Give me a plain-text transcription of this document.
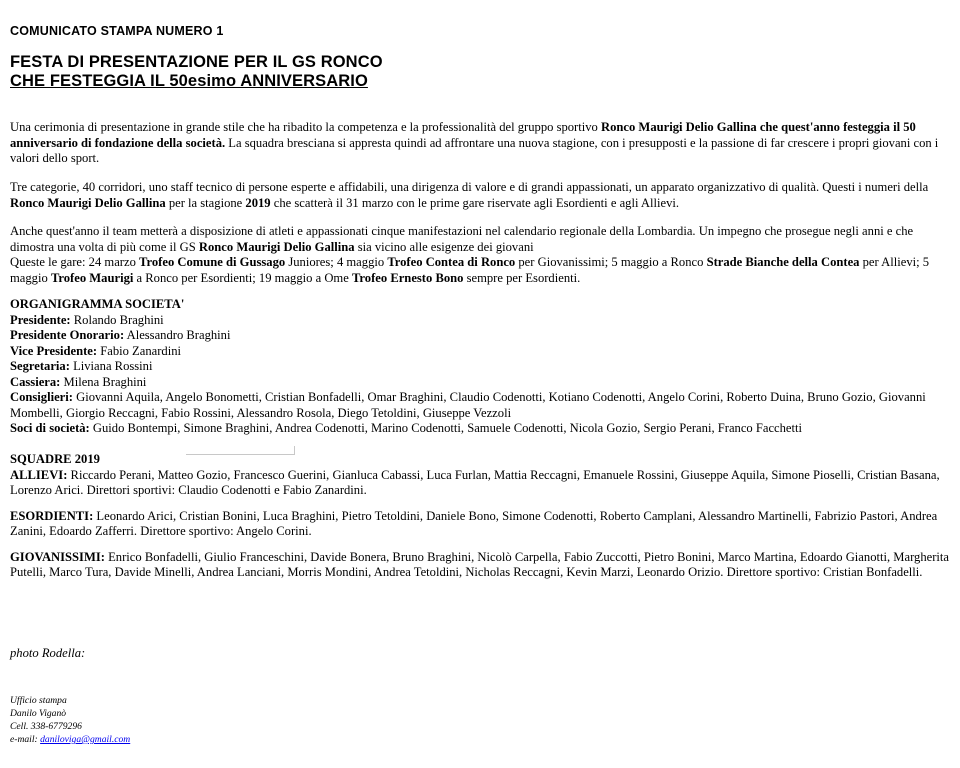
COMUNICATO STAMPA NUMERO 1
FESTA DI PRESENTAZIONE PER IL GS RONCO
CHE FESTEGGIA IL 50esimo ANNIVERSARIO
Una cerimonia di presentazione in grande stile che ha ribadito la competenza e la professionalità del gruppo sportivo Ronco Maurigi Delio Gallina che quest'anno festeggia il 50 anniversario di fondazione della società. La squadra bresciana si appresta quindi ad affrontare una nuova stagione, con i presupposti e la passione di far crescere i propri giovani con i valori dello sport.
Tre categorie, 40 corridori, uno staff tecnico di persone esperte e affidabili, una dirigenza di valore e di grandi appassionati, un apparato organizzativo di qualità. Questi i numeri della Ronco Maurigi Delio Gallina per la stagione 2019 che scatterà il 31 marzo con le prime gare riservate agli Esordienti e agli Allievi.
Anche quest'anno il team metterà a disposizione di atleti e appassionati cinque manifestazioni nel calendario regionale della Lombardia. Un impegno che prosegue negli anni e che dimostra una volta di più come il GS Ronco Maurigi Delio Gallina sia vicino alle esigenze dei giovani
Queste le gare: 24 marzo Trofeo Comune di Gussago Juniores; 4 maggio Trofeo Contea di Ronco per Giovanissimi; 5 maggio a Ronco Strade Bianche della Contea per Allievi; 5 maggio Trofeo Maurigi a Ronco per Esordienti; 19 maggio a Ome Trofeo Ernesto Bono sempre per Esordienti.
ORGANIGRAMMA SOCIETA'
Presidente: Rolando Braghini
Presidente Onorario: Alessandro Braghini
Vice Presidente: Fabio Zanardini
Segretaria: Liviana Rossini
Cassiera: Milena Braghini
Consiglieri: Giovanni Aquila, Angelo Bonometti, Cristian Bonfadelli, Omar Braghini, Claudio Codenotti, Kotiano Codenotti, Angelo Corini, Roberto Duina, Bruno Gozio, Giovanni Mombelli, Giorgio Reccagni, Fabio Rossini, Alessandro Rosola, Diego Tetoldini, Giuseppe Vezzoli
Soci di società: Guido Bontempi, Simone Braghini, Andrea Codenotti, Marino Codenotti, Samuele Codenotti, Nicola Gozio, Sergio Perani, Franco Facchetti
SQUADRE 2019
ALLIEVI: Riccardo Perani, Matteo Gozio, Francesco Guerini, Gianluca Cabassi, Luca Furlan, Mattia Reccagni, Emanuele Rossini, Giuseppe Aquila, Simone Pioselli, Cristian Basana, Lorenzo Arici. Direttori sportivi: Claudio Codenotti e Fabio Zanardini.
ESORDIENTI: Leonardo Arici, Cristian Bonini, Luca Braghini, Pietro Tetoldini, Daniele Bono, Simone Codenotti, Roberto Camplani, Alessandro Martinelli, Fabrizio Pastori, Andrea Zanini, Edoardo Zafferri. Direttore sportivo: Angelo Corini.
GIOVANISSIMI: Enrico Bonfadelli, Giulio Franceschini, Davide Bonera, Bruno Braghini, Nicolò Carpella, Fabio Zuccotti, Pietro Bonini, Marco Martina, Edoardo Gianotti, Margherita Putelli, Marco Tura, Davide Minelli, Andrea Lanciani, Morris Mondini, Andrea Tetoldini, Nicholas Reccagni, Kevin Marzi, Leonardo Orizio. Direttore sportivo: Cristian Bonfadelli.
photo Rodella:
Ufficio stampa
Danilo Viganò
Cell. 338-6779296
e-mail: daniloviga@gmail.com
